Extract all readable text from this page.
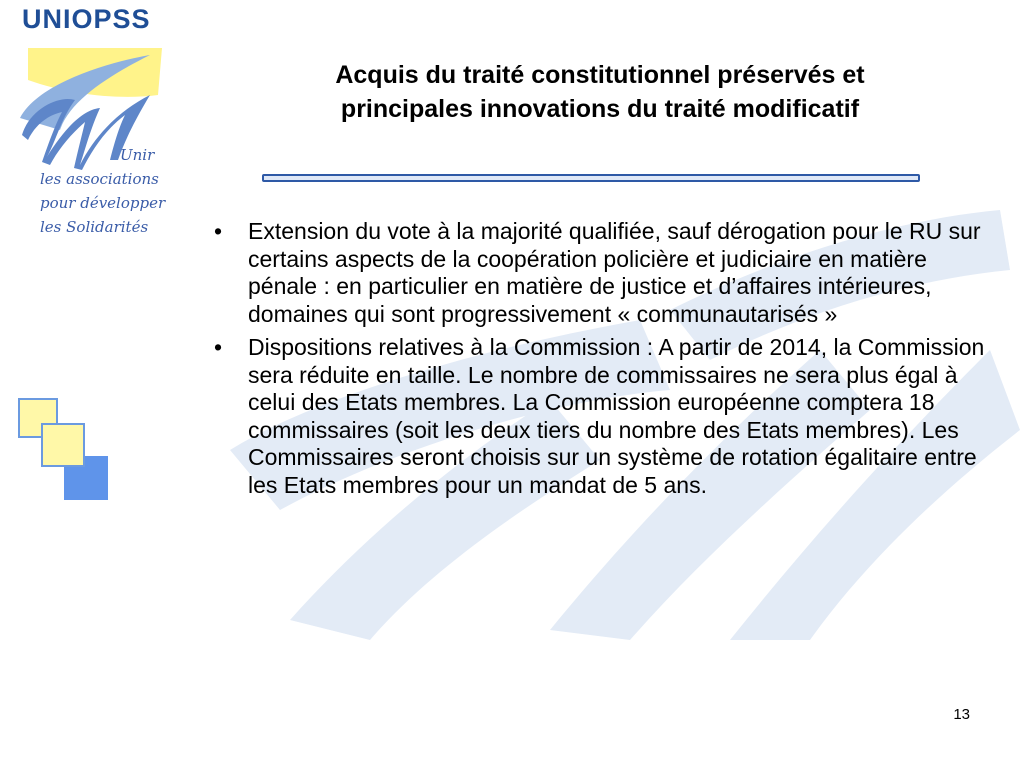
UNIOPSS
Unir
les associations
pour développer
les Solidarités
Acquis du traité constitutionnel préservés et
principales innovations du traité modificatif
• Extension du vote à la majorité qualifiée, sauf dérogation pour le RU sur certains aspects de la coopération policière et judiciaire en matière pénale : en particulier en matière de justice et d’affaires intérieures, domaines qui sont progressivement « communautarisés »
• Dispositions relatives à la Commission : A partir de 2014, la Commission sera réduite en taille. Le nombre de commissaires ne sera plus égal à celui des Etats membres. La Commission européenne comptera 18 commissaires (soit les deux tiers du nombre des Etats membres). Les Commissaires seront choisis sur un système de rotation égalitaire entre les Etats membres pour un mandat de 5 ans.
13
